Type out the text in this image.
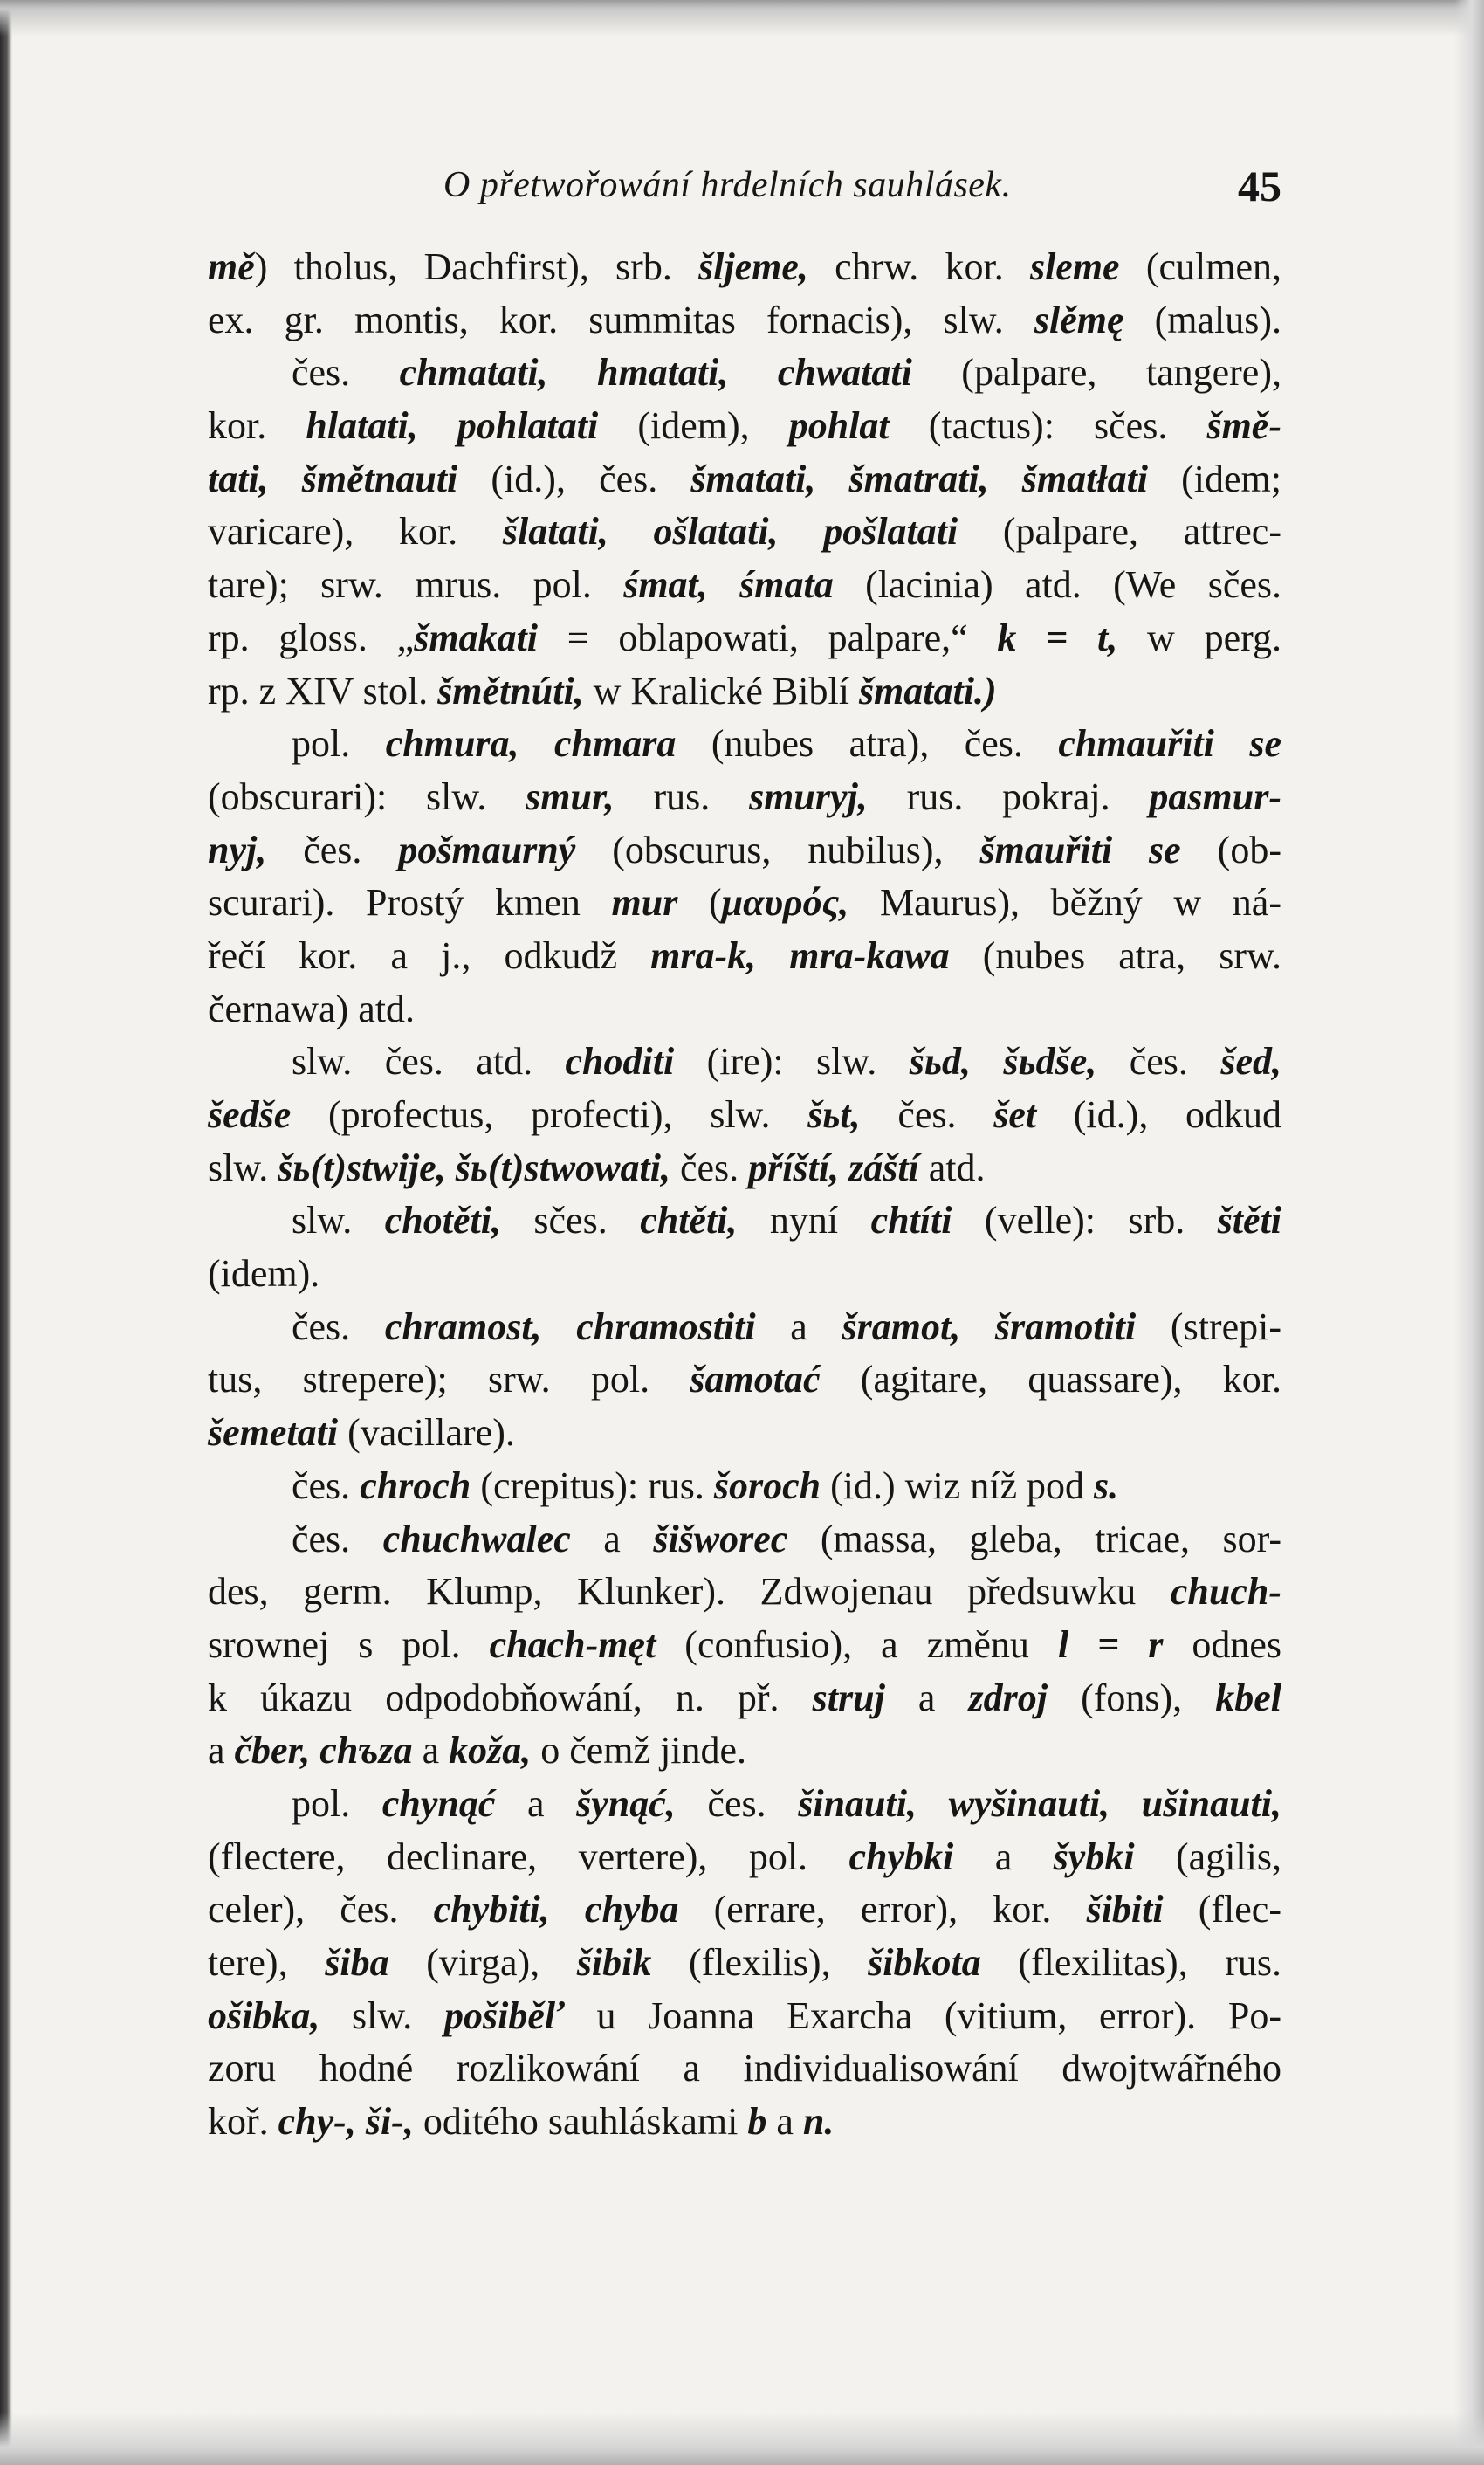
O přetwořowání hrdelních sauhlásek.	45
mě) tholus, Dachfirst), srb. šljeme, chrw. kor. sleme (culmen,
ex. gr. montis, kor. summitas fornacis), slw. slěmę (malus).
čes. chmatati, hmatati, chwatati (palpare, tangere),
kor. hlatati, pohlatati (idem), pohlat (tactus): sčes. šmě-
tati, šmětnauti (id.), čes. šmatati, šmatrati, šmatłati (idem;
varicare), kor. šlatati, ošlatati, pošlatati (palpare, attrec-
tare); srw. mrus. pol. śmat, śmata (lacinia) atd. (We sčes.
rp. gloss. „šmakati = oblapowati, palpare,“ k = t, w perg.
rp. z XIV stol. šmětnúti, w Kralické Biblí šmatati.)
pol. chmura, chmara (nubes atra), čes. chmauřiti se
(obscurari): slw. smur, rus. smuryj, rus. pokraj. pasmur-
nyj, čes. pošmaurný (obscurus, nubilus), šmauřiti se (ob-
scurari). Prostý kmen mur (μαυρός, Maurus), běžný w ná-
řečí kor. a j., odkudž mra-k, mra-kawa (nubes atra, srw.
černawa) atd.
slw. čes. atd. choditi (ire): slw. šьd, šьdše, čes. šed,
šedše (profectus, profecti), slw. šьt, čes. šet (id.), odkud
slw. šь(t)stwije, šь(t)stwowati, čes. příští, záští atd.
slw. chotěti, sčes. chtěti, nyní chtíti (velle): srb. štěti
(idem).
čes. chramost, chramostiti a šramot, šramotiti (strepi-
tus, strepere); srw. pol. šamotać (agitare, quassare), kor.
šemetati (vacillare).
čes. chroch (crepitus): rus. šoroch (id.) wiz níž pod s.
čes. chuchwalec a šišworec (massa, gleba, tricae, sor-
des, germ. Klump, Klunker). Zdwojenau předsuwku chuch-
srownej s pol. chach-męt (confusio), a změnu l = r odnes
k úkazu odpodobňowání, n. př. struj a zdroj (fons), kbel
a čber, chъza a koža, o čemž jinde.
pol. chynąć a šynąć, čes. šinauti, wyšinauti, ušinauti,
(flectere, declinare, vertere), pol. chybki a šybki (agilis,
celer), čes. chybiti, chyba (errare, error), kor. šibiti (flec-
tere), šiba (virga), šibik (flexilis), šibkota (flexilitas), rus.
ošibka, slw. pošiběľ u Joanna Exarcha (vitium, error). Po-
zoru hodné rozlikowání a individualisowání dwojtwářného
koř. chy-, ši-, oditého sauhláskami b a n.
